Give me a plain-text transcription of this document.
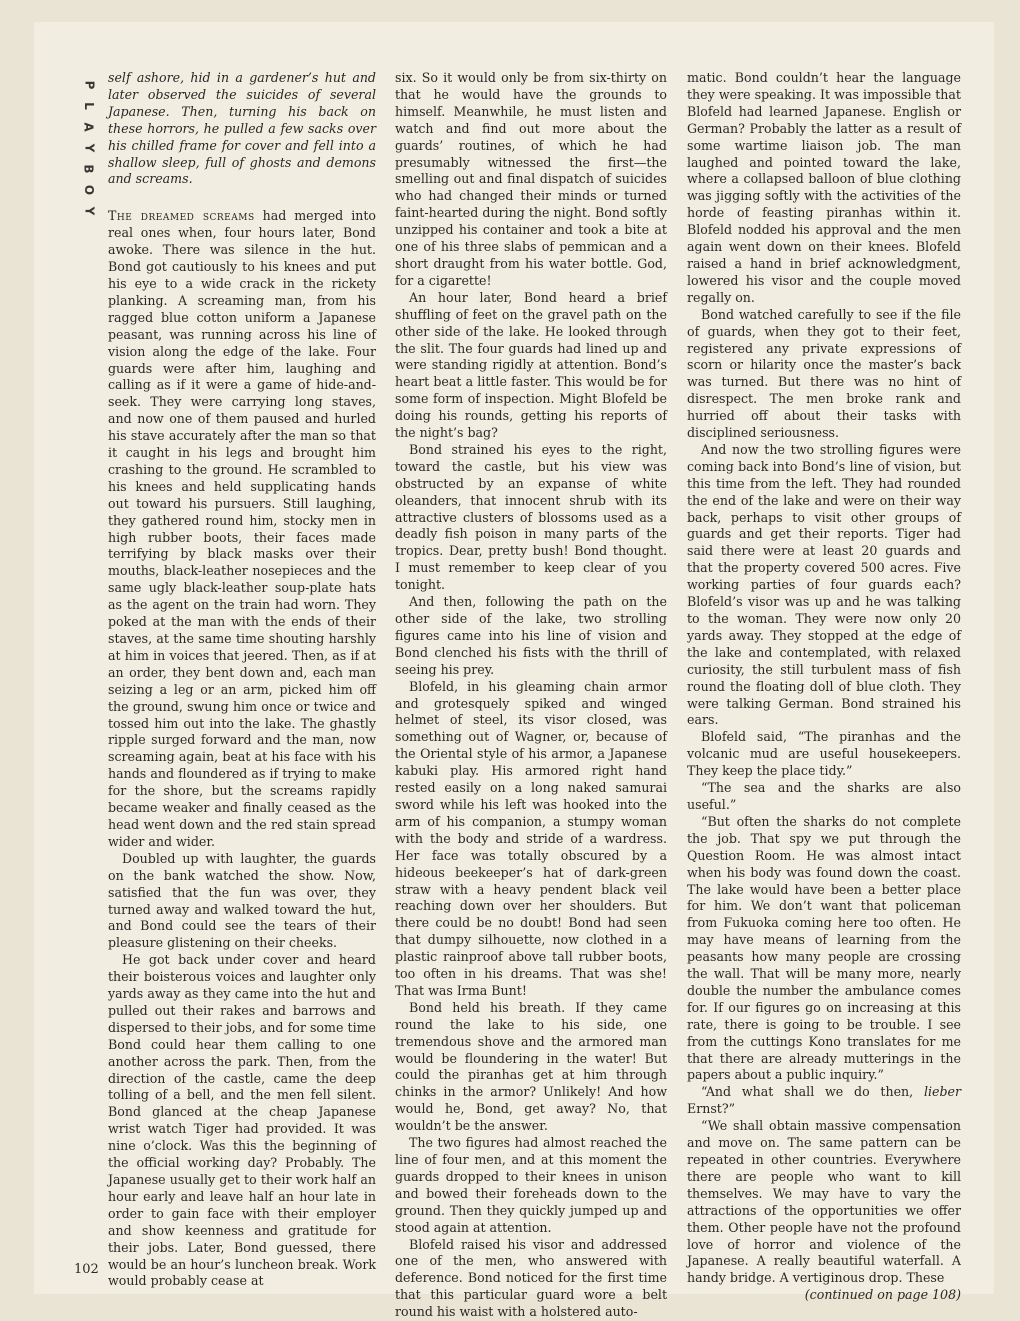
P
L
A
Y
B
O
Y

self ashore, hid in a gardener’s hut and later observed the suicides of several Japanese. Then, turning his back on these horrors, he pulled a few sacks over his chilled frame for cover and fell into a shallow sleep, full of ghosts and demons and screams.

The dreamed screams had merged into real ones when, four hours later, Bond awoke. There was silence in the hut. Bond got cautiously to his knees and put his eye to a wide crack in the rickety planking. A screaming man, from his ragged blue cotton uniform a Japanese peasant, was running across his line of vision along the edge of the lake. Four guards were after him, laughing and calling as if it were a game of hide-and-seek. They were carrying long staves, and now one of them paused and hurled his stave accurately after the man so that it caught in his legs and brought him crashing to the ground. He scrambled to his knees and held supplicating hands out toward his pursuers. Still laughing, they gathered round him, stocky men in high rubber boots, their faces made terrifying by black masks over their mouths, black-leather nosepieces and the same ugly black-leather soup-plate hats as the agent on the train had worn. They poked at the man with the ends of their staves, at the same time shouting harshly at him in voices that jeered. Then, as if at an order, they bent down and, each man seizing a leg or an arm, picked him off the ground, swung him once or twice and tossed him out into the lake. The ghastly ripple surged forward and the man, now screaming again, beat at his face with his hands and floundered as if trying to make for the shore, but the screams rapidly became weaker and finally ceased as the head went down and the red stain spread wider and wider.

Doubled up with laughter, the guards on the bank watched the show. Now, satisfied that the fun was over, they turned away and walked toward the hut, and Bond could see the tears of their pleasure glistening on their cheeks.

He got back under cover and heard their boisterous voices and laughter only yards away as they came into the hut and pulled out their rakes and barrows and dispersed to their jobs, and for some time Bond could hear them calling to one another across the park. Then, from the direction of the castle, came the deep tolling of a bell, and the men fell silent. Bond glanced at the cheap Japanese wrist watch Tiger had provided. It was nine o’clock. Was this the beginning of the official working day? Probably. The Japanese usually get to their work half an hour early and leave half an hour late in order to gain face with their employer and show keenness and gratitude for their jobs. Later, Bond guessed, there would be an hour’s luncheon break. Work would probably cease at

six. So it would only be from six-thirty on that he would have the grounds to himself. Meanwhile, he must listen and watch and find out more about the guards’ routines, of which he had presumably witnessed the first—the smelling out and final dispatch of suicides who had changed their minds or turned faint-hearted during the night. Bond softly unzipped his container and took a bite at one of his three slabs of pemmican and a short draught from his water bottle. God, for a cigarette!

An hour later, Bond heard a brief shuffling of feet on the gravel path on the other side of the lake. He looked through the slit. The four guards had lined up and were standing rigidly at attention. Bond’s heart beat a little faster. This would be for some form of inspection. Might Blofeld be doing his rounds, getting his reports of the night’s bag?

Bond strained his eyes to the right, toward the castle, but his view was obstructed by an expanse of white oleanders, that innocent shrub with its attractive clusters of blossoms used as a deadly fish poison in many parts of the tropics. Dear, pretty bush! Bond thought. I must remember to keep clear of you tonight.

And then, following the path on the other side of the lake, two strolling figures came into his line of vision and Bond clenched his fists with the thrill of seeing his prey.

Blofeld, in his gleaming chain armor and grotesquely spiked and winged helmet of steel, its visor closed, was something out of Wagner, or, because of the Oriental style of his armor, a Japanese kabuki play. His armored right hand rested easily on a long naked samurai sword while his left was hooked into the arm of his companion, a stumpy woman with the body and stride of a wardress. Her face was totally obscured by a hideous beekeeper’s hat of dark-green straw with a heavy pendent black veil reaching down over her shoulders. But there could be no doubt! Bond had seen that dumpy silhouette, now clothed in a plastic rainproof above tall rubber boots, too often in his dreams. That was she! That was Irma Bunt!

Bond held his breath. If they came round the lake to his side, one tremendous shove and the armored man would be floundering in the water! But could the piranhas get at him through chinks in the armor? Unlikely! And how would he, Bond, get away? No, that wouldn’t be the answer.

The two figures had almost reached the line of four men, and at this moment the guards dropped to their knees in unison and bowed their foreheads down to the ground. Then they quickly jumped up and stood again at attention.

Blofeld raised his visor and addressed one of the men, who answered with deference. Bond noticed for the first time that this particular guard wore a belt round his waist with a holstered auto-

matic. Bond couldn’t hear the language they were speaking. It was impossible that Blofeld had learned Japanese. English or German? Probably the latter as a result of some wartime liaison job. The man laughed and pointed toward the lake, where a collapsed balloon of blue clothing was jigging softly with the activities of the horde of feasting piranhas within it. Blofeld nodded his approval and the men again went down on their knees. Blofeld raised a hand in brief acknowledgment, lowered his visor and the couple moved regally on.

Bond watched carefully to see if the file of guards, when they got to their feet, registered any private expressions of scorn or hilarity once the master’s back was turned. But there was no hint of disrespect. The men broke rank and hurried off about their tasks with disciplined seriousness.

And now the two strolling figures were coming back into Bond’s line of vision, but this time from the left. They had rounded the end of the lake and were on their way back, perhaps to visit other groups of guards and get their reports. Tiger had said there were at least 20 guards and that the property covered 500 acres. Five working parties of four guards each? Blofeld’s visor was up and he was talking to the woman. They were now only 20 yards away. They stopped at the edge of the lake and contemplated, with relaxed curiosity, the still turbulent mass of fish round the floating doll of blue cloth. They were talking German. Bond strained his ears.

Blofeld said, “The piranhas and the volcanic mud are useful housekeepers. They keep the place tidy.”

“The sea and the sharks are also useful.”

“But often the sharks do not complete the job. That spy we put through the Question Room. He was almost intact when his body was found down the coast. The lake would have been a better place for him. We don’t want that policeman from Fukuoka coming here too often. He may have means of learning from the peasants how many people are crossing the wall. That will be many more, nearly double the number the ambulance comes for. If our figures go on increasing at this rate, there is going to be trouble. I see from the cuttings Kono translates for me that there are already mutterings in the papers about a public inquiry.”

“And what shall we do then, lieber Ernst?”

“We shall obtain massive compensation and move on. The same pattern can be repeated in other countries. Everywhere there are people who want to kill themselves. We may have to vary the attractions of the opportunities we offer them. Other people have not the profound love of horror and violence of the Japanese. A really beautiful waterfall. A handy bridge. A vertiginous drop. These

(continued on page 108)

102
